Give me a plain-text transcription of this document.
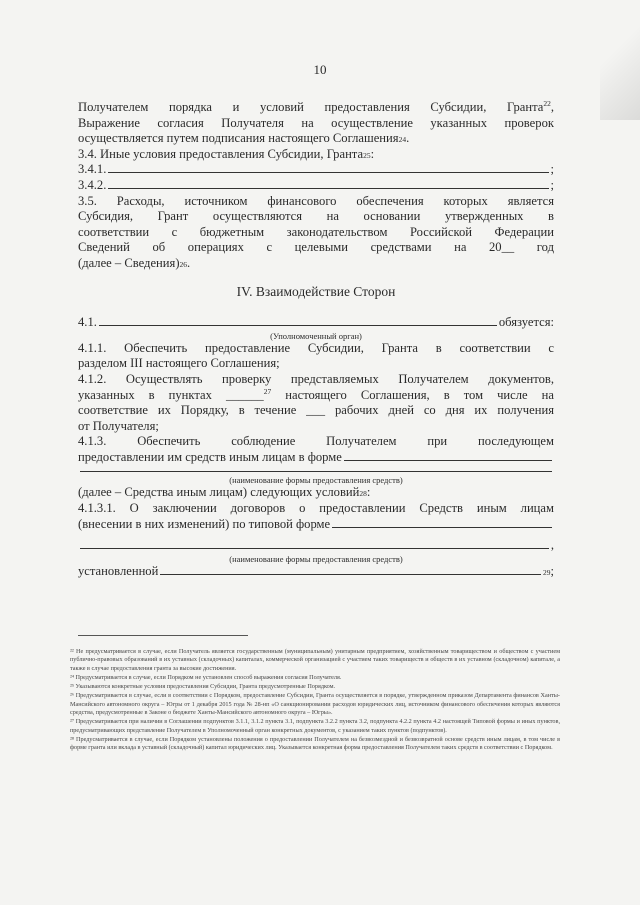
10
Получателем порядка и условий предоставления Субсидии, Гранта$^{22}$,
Выражение согласия Получателя на осуществление указанных проверок
осуществляется путем подписания настоящего Соглашения 24 .
3.4. Иные условия предоставления Субсидии, Гранта 25 :
3.4.1.	;
3.4.2.	;
3.5. Расходы, источником финансового обеспечения которых является
Субсидия, Грант осуществляются на основании утвержденных в
соответствии с бюджетным законодательством Российской Федерации
Сведений об операциях с целевыми средствами на 20__ год
(далее – Сведения) 26 .
IV. Взаимодействие Сторон
4.1.	обязуется:
(Уполномоченный орган)
4.1.1. Обеспечить предоставление Субсидии, Гранта в соответствии с
разделом III настоящего Соглашения;
4.1.2. Осуществлять проверку представляемых Получателем документов,
указанных в пунктах ______$^{27}$ настоящего Соглашения, в том числе на
соответствие их Порядку, в течение ___ рабочих дней со дня их получения
от Получателя;
4.1.3. Обеспечить соблюдение Получателем при последующем
предоставлении им средств иным лицам в форме
(наименование формы предоставления средств)
(далее – Средства иным лицам) следующих условий 28 :
4.1.3.1. О заключении договоров о предоставлении Средств иным лицам
(внесении в них изменений) по типовой форме
,
(наименование формы предоставления средств)
установленной	29 ;

²² Не предусматривается в случае, если Получатель является государственным (муниципальным) унитарным предприятием, хозяйственным товариществом и обществом с участием публично-правовых образований в их уставных (складочных) капиталах, коммерческой организацией с участием таких товариществ и обществ в их уставном (складочном) капитале, а также в случае предоставления гранта за высокие достижения.

²⁴ Предусматривается в случае, если Порядком не установлен способ выражения согласия Получателя.

²⁵ Указываются конкретные условия предоставления Субсидии, Гранта предусмотренные Порядком.

²⁶ Предусматривается в случае, если в соответствии с Порядком, предоставление Субсидии, Гранта осуществляется в порядке, утвержденном приказом Департамента финансов Ханты-Мансийского автономного округа – Югры от 1 декабря 2015 года № 28-нп «О санкционировании расходов юридических лиц, источником финансового обеспечения которых являются средства, предусмотренные в Законе о бюджете Ханты-Мансийского автономного округа – Югры».

²⁷ Предусматривается при наличии в Соглашении подпунктов 3.1.1, 3.1.2 пункта 3.1, подпункта 3.2.2 пункта 3.2, подпункта 4.2.2 пункта 4.2 настоящей Типовой формы и иных пунктов, предусматривающих представление Получателем в Уполномоченный орган конкретных документов, с указанием таких пунктов (подпунктов).

²⁸ Предусматривается в случае, если Порядком установлены положения о предоставлении Получателем на безвозмездной и безвозвратной основе средств иным лицам, в том числе в форме гранта или вклада в уставный (складочный) капитал юридических лиц. Указывается конкретная форма предоставления Получателем таких средств в соответствии с Порядком.
